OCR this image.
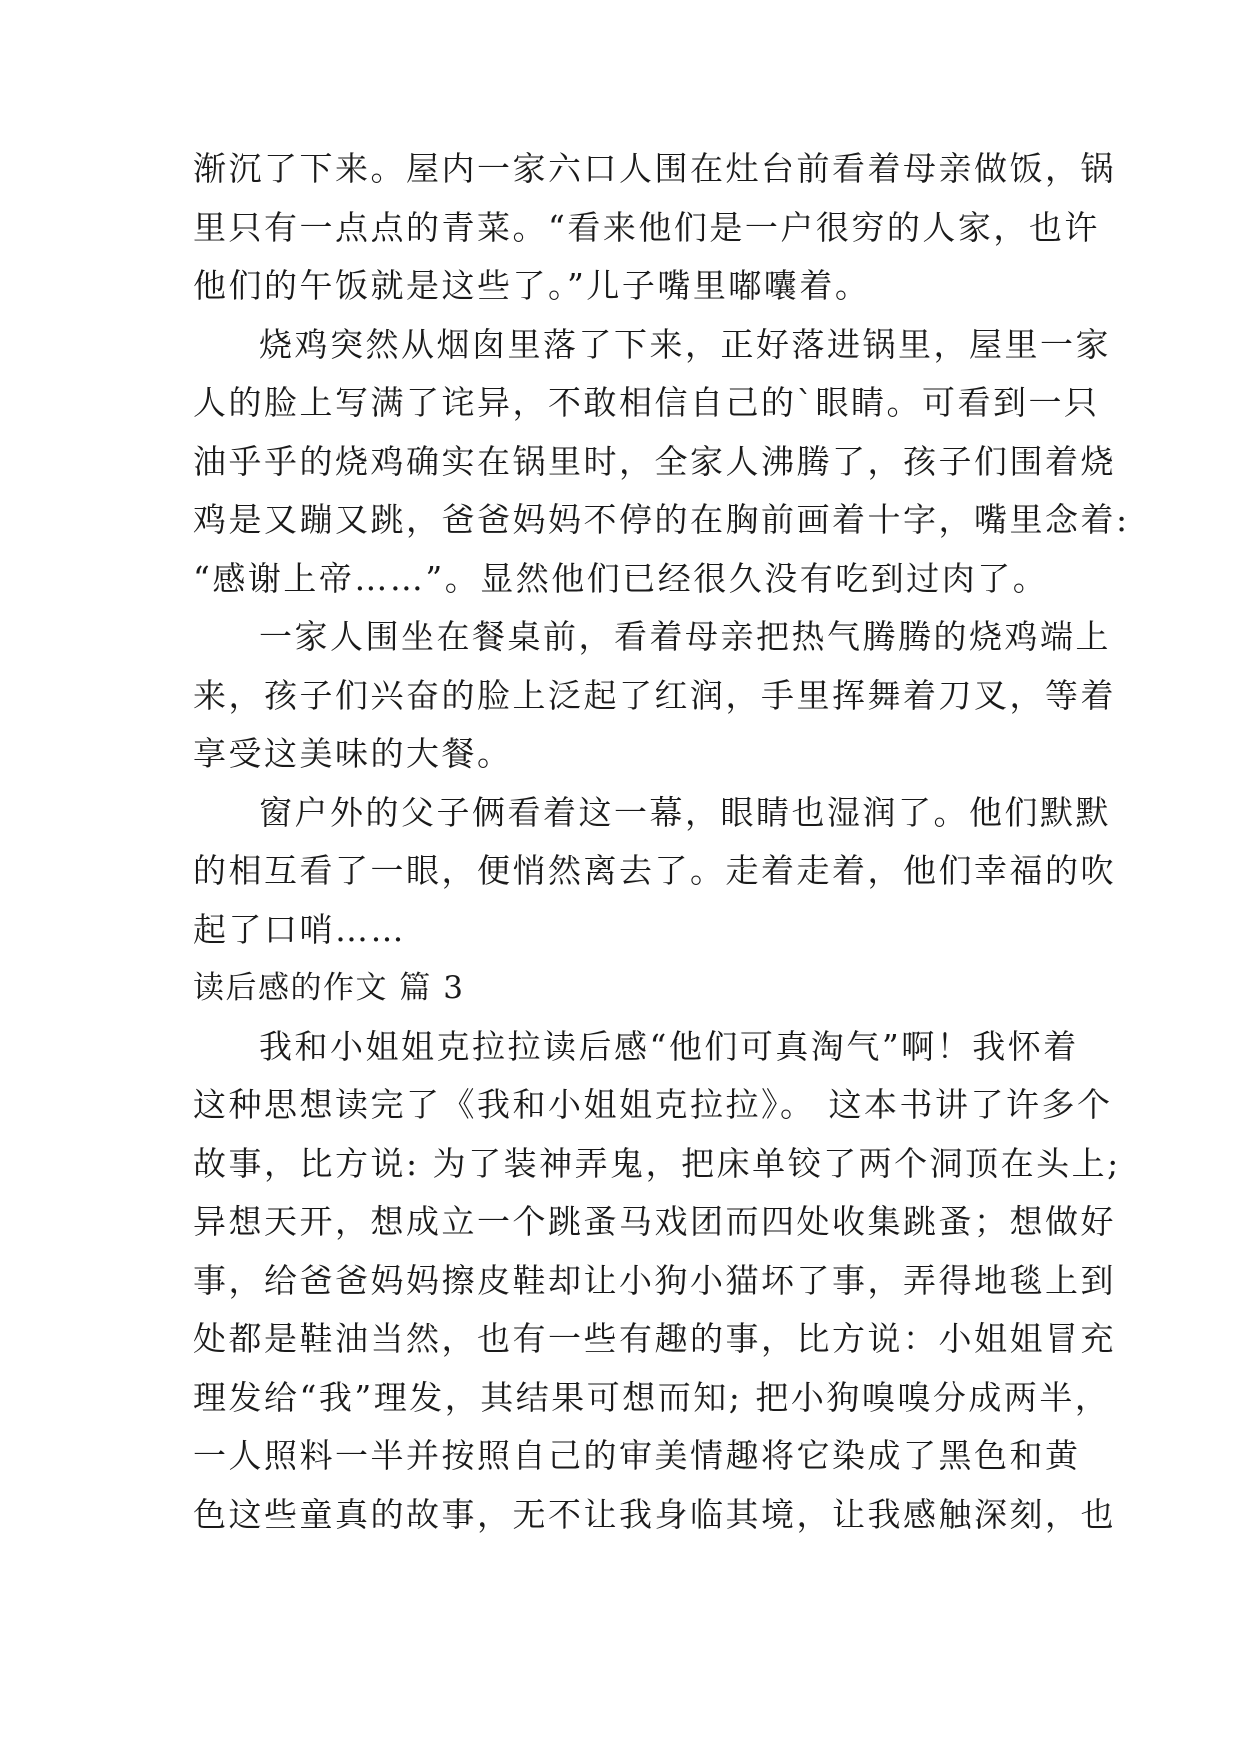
渐沉了下来。屋内一家六口人围在灶台前看着母亲做饭，锅
里只有一点点的青菜。“看来他们是一户很穷的人家，也许
他们的午饭就是这些了。”儿子嘴里嘟囔着。
烧鸡突然从烟囱里落了下来，正好落进锅里，屋里一家
人的脸上写满了诧异，不敢相信自己的`眼睛。可看到一只
油乎乎的烧鸡确实在锅里时，全家人沸腾了，孩子们围着烧
鸡是又蹦又跳，爸爸妈妈不停的在胸前画着十字，嘴里念着:
“感谢上帝……”。显然他们已经很久没有吃到过肉了。
一家人围坐在餐桌前，看着母亲把热气腾腾的烧鸡端上
来，孩子们兴奋的脸上泛起了红润，手里挥舞着刀叉，等着
享受这美味的大餐。
窗户外的父子俩看着这一幕，眼睛也湿润了。他们默默
的相互看了一眼，便悄然离去了。走着走着，他们幸福的吹
起了口哨……
读后感的作文 篇 3
我和小姐姐克拉拉读后感“他们可真淘气”啊！我怀着
这种思想读完了《我和小姐姐克拉拉》。 这本书讲了许多个
故事，比方说: 为了装神弄鬼，把床单铰了两个洞顶在头上;
异想天开，想成立一个跳蚤马戏团而四处收集跳蚤；想做好
事，给爸爸妈妈擦皮鞋却让小狗小猫坏了事，弄得地毯上到
处都是鞋油当然，也有一些有趣的事，比方说：小姐姐冒充
理发给“我”理发，其结果可想而知; 把小狗嗅嗅分成两半，
一人照料一半并按照自己的审美情趣将它染成了黑色和黄
色这些童真的故事，无不让我身临其境，让我感触深刻，也
